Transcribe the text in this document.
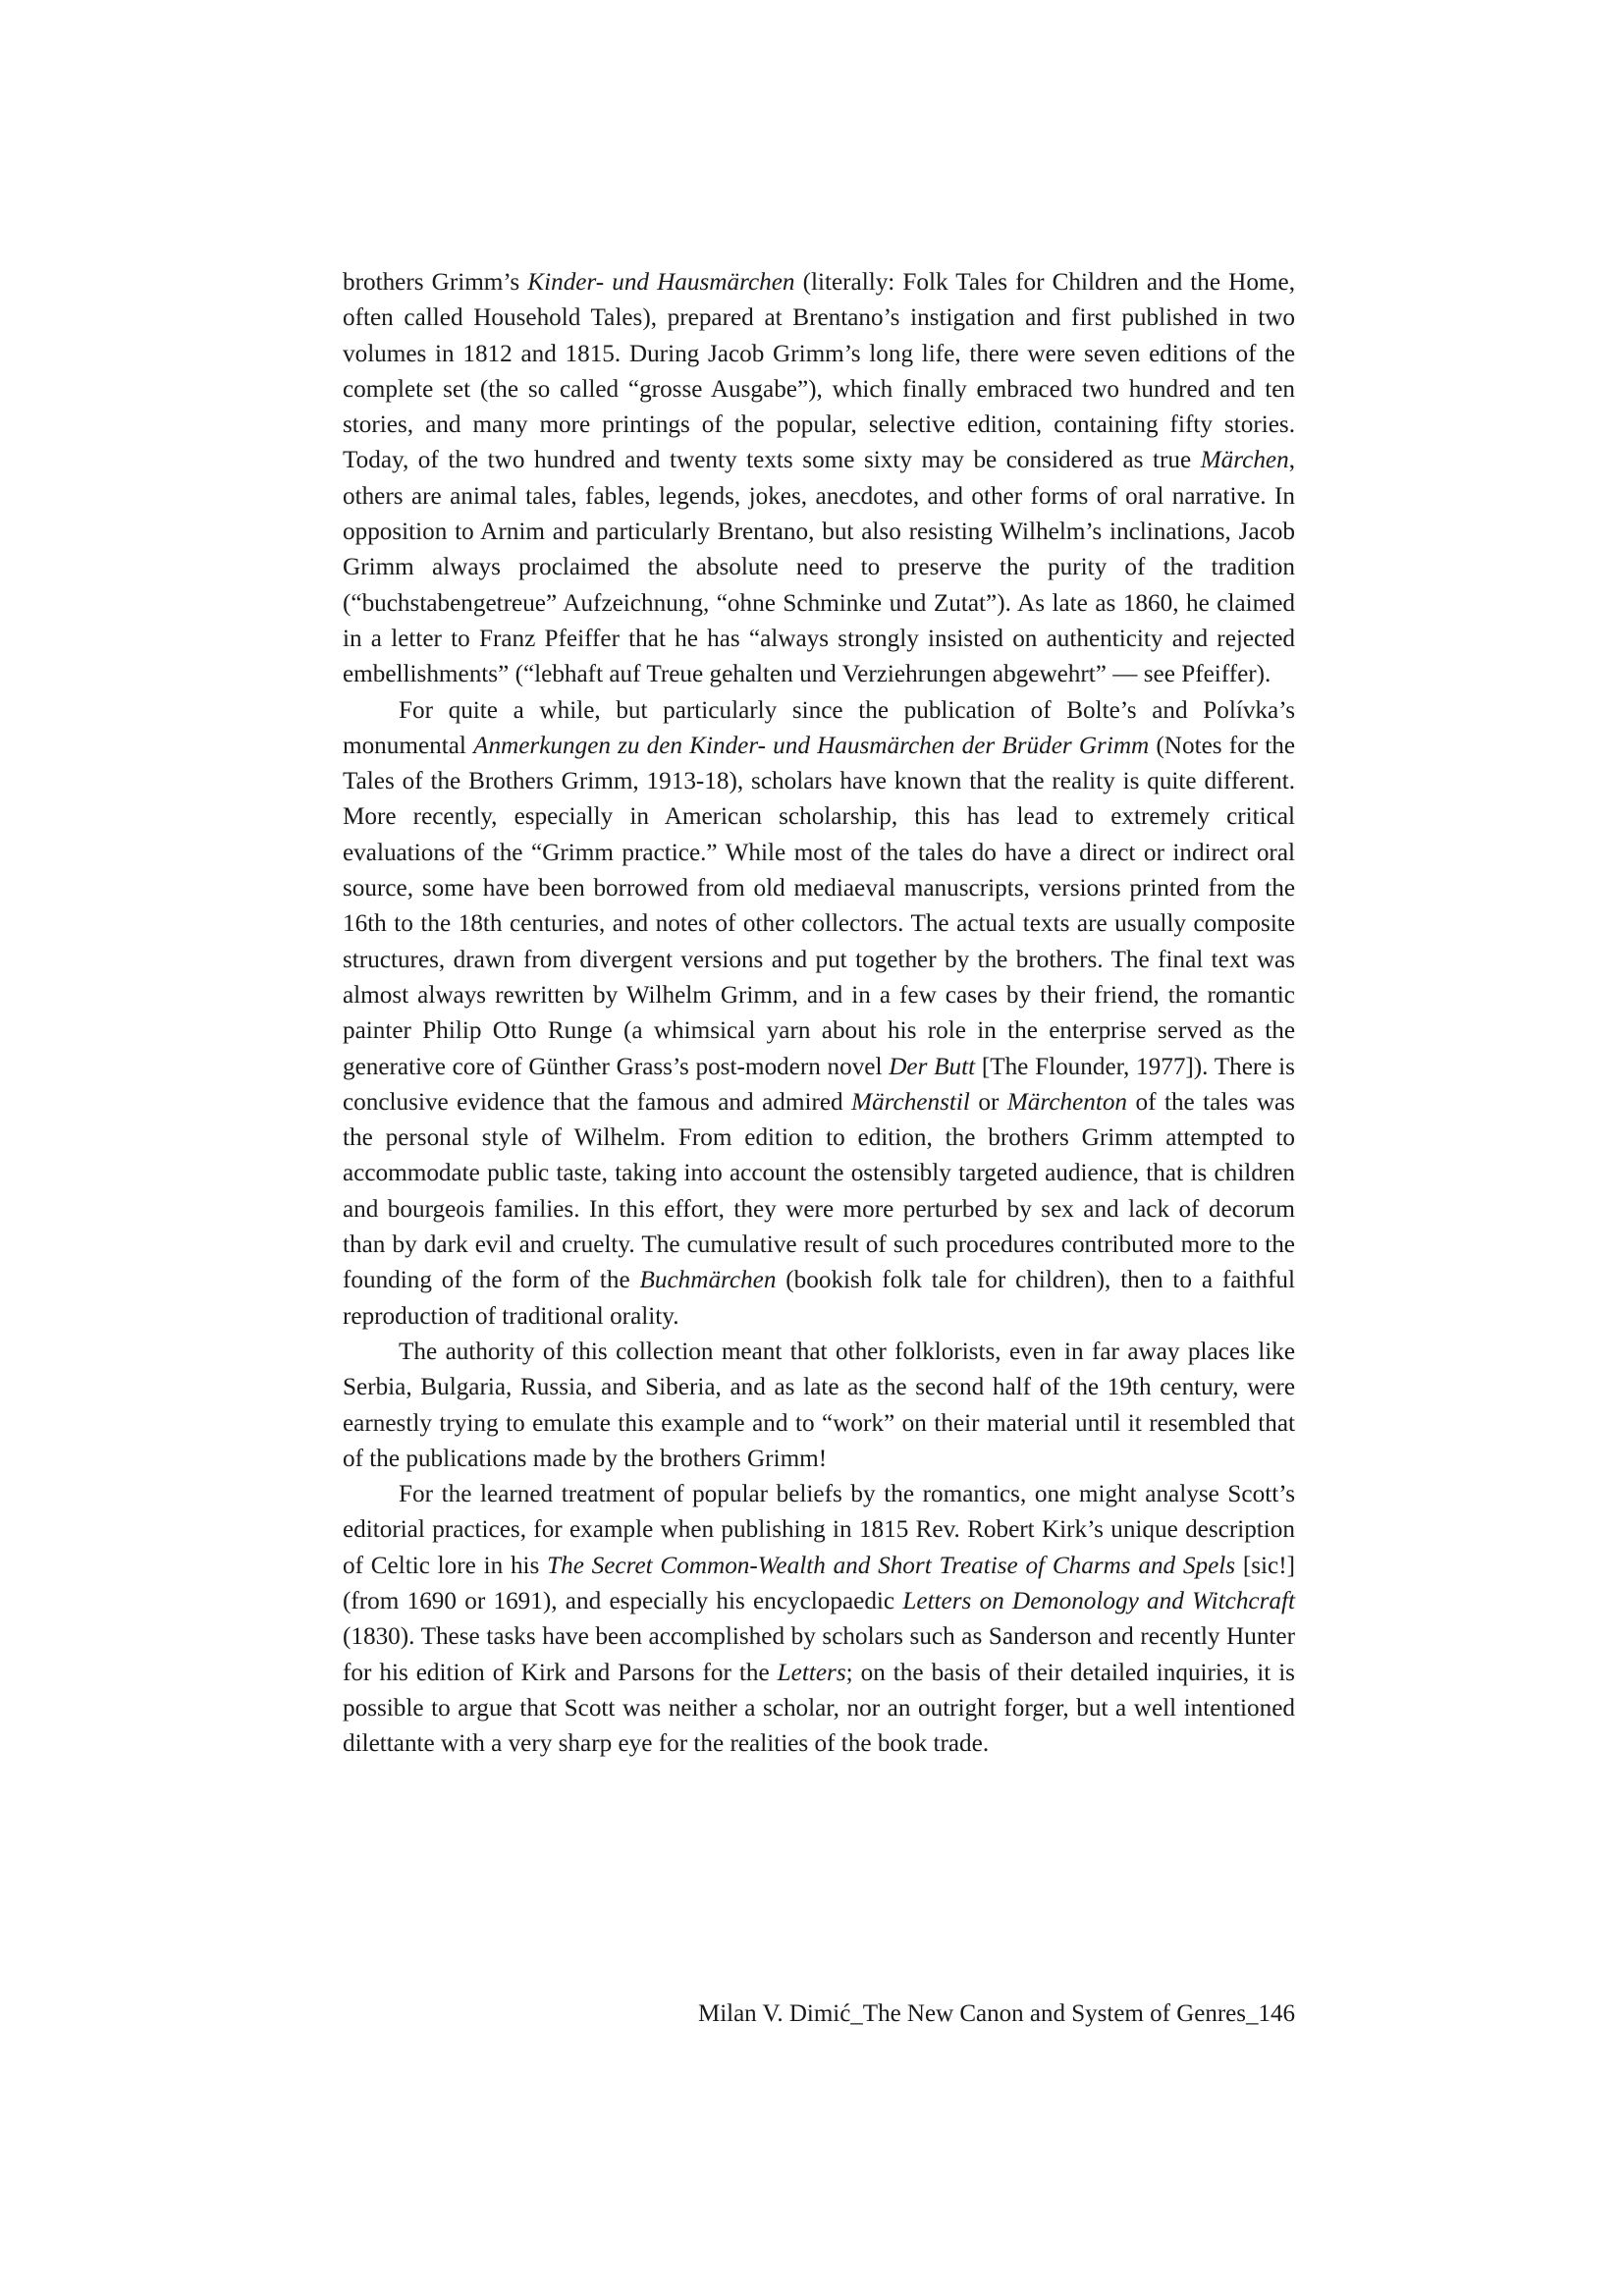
brothers Grimm’s Kinder- und Hausmärchen (literally: Folk Tales for Children and the Home, often called Household Tales), prepared at Brentano’s instigation and first published in two volumes in 1812 and 1815. During Jacob Grimm’s long life, there were seven editions of the complete set (the so called “grosse Ausgabe”), which finally embraced two hundred and ten stories, and many more printings of the popular, selective edition, containing fifty stories. Today, of the two hundred and twenty texts some sixty may be considered as true Märchen, others are animal tales, fables, legends, jokes, anecdotes, and other forms of oral narrative. In opposition to Arnim and particularly Brentano, but also resisting Wilhelm’s inclinations, Jacob Grimm always proclaimed the absolute need to preserve the purity of the tradition (“buchstabengetreue” Aufzeichnung, “ohne Schminke und Zutat”). As late as 1860, he claimed in a letter to Franz Pfeiffer that he has “always strongly insisted on authenticity and rejected embellishments” (“lebhaft auf Treue gehalten und Verziehrungen abgewehrt” — see Pfeiffer).

For quite a while, but particularly since the publication of Bolte’s and Polívka’s monumental Anmerkungen zu den Kinder- und Hausmärchen der Brüder Grimm (Notes for the Tales of the Brothers Grimm, 1913-18), scholars have known that the reality is quite different. More recently, especially in American scholarship, this has lead to extremely critical evaluations of the “Grimm practice.” While most of the tales do have a direct or indirect oral source, some have been borrowed from old mediaeval manuscripts, versions printed from the 16th to the 18th centuries, and notes of other collectors. The actual texts are usually composite structures, drawn from divergent versions and put together by the brothers. The final text was almost always rewritten by Wilhelm Grimm, and in a few cases by their friend, the romantic painter Philip Otto Runge (a whimsical yarn about his role in the enterprise served as the generative core of Günther Grass’s post-modern novel Der Butt [The Flounder, 1977]). There is conclusive evidence that the famous and admired Märchenstil or Märchenton of the tales was the personal style of Wilhelm. From edition to edition, the brothers Grimm attempted to accommodate public taste, taking into account the ostensibly targeted audience, that is children and bourgeois families. In this effort, they were more perturbed by sex and lack of decorum than by dark evil and cruelty. The cumulative result of such procedures contributed more to the founding of the form of the Buchmärchen (bookish folk tale for children), then to a faithful reproduction of traditional orality.

The authority of this collection meant that other folklorists, even in far away places like Serbia, Bulgaria, Russia, and Siberia, and as late as the second half of the 19th century, were earnestly trying to emulate this example and to “work” on their material until it resembled that of the publications made by the brothers Grimm!

For the learned treatment of popular beliefs by the romantics, one might analyse Scott’s editorial practices, for example when publishing in 1815 Rev. Robert Kirk’s unique description of Celtic lore in his The Secret Common-Wealth and Short Treatise of Charms and Spels [sic!] (from 1690 or 1691), and especially his encyclopaedic Letters on Demonology and Witchcraft (1830). These tasks have been accomplished by scholars such as Sanderson and recently Hunter for his edition of Kirk and Parsons for the Letters; on the basis of their detailed inquiries, it is possible to argue that Scott was neither a scholar, nor an outright forger, but a well intentioned dilettante with a very sharp eye for the realities of the book trade.

Milan V. Dimić_The New Canon and System of Genres_146
